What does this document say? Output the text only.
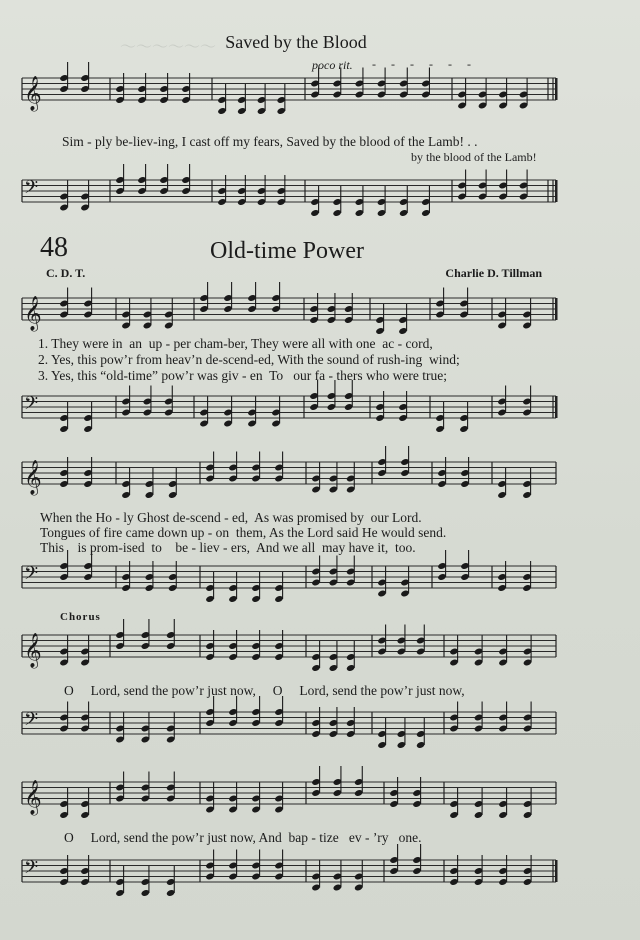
〜〜〜〜〜〜 Saved by the Blood
poco rit. - - - - - -
𝄞
𝄢
𝄞
𝄢
𝄞
𝄢
𝄞
𝄢
𝄞
𝄢
Sim - ply be-liev-ing, I cast off my fears, Saved by the blood of the Lamb! . .
by the blood of the Lamb!
48	Old-time Power
C. D. T.	Charlie D. Tillman
1. They were in  an  up - per cham-ber, They were all with one  ac - cord,
2. Yes, this pow’r from heav’n de-scend-ed, With the sound of rush-ing  wind;
3. Yes, this “old-time” pow’r was giv - en  To   our fa - thers who were true;
When the Ho - ly Ghost de-scend - ed,  As was promised by  our Lord.
Tongues of fire came down up - on  them, As the Lord said He would send.
This    is prom-ised  to    be - liev - ers,  And we all  may have it,  too.
Chorus
O     Lord, send the pow’r just now,     O     Lord, send the pow’r just now,
O     Lord, send the pow’r just now, And  bap - tize   ev - ’ry   one.
